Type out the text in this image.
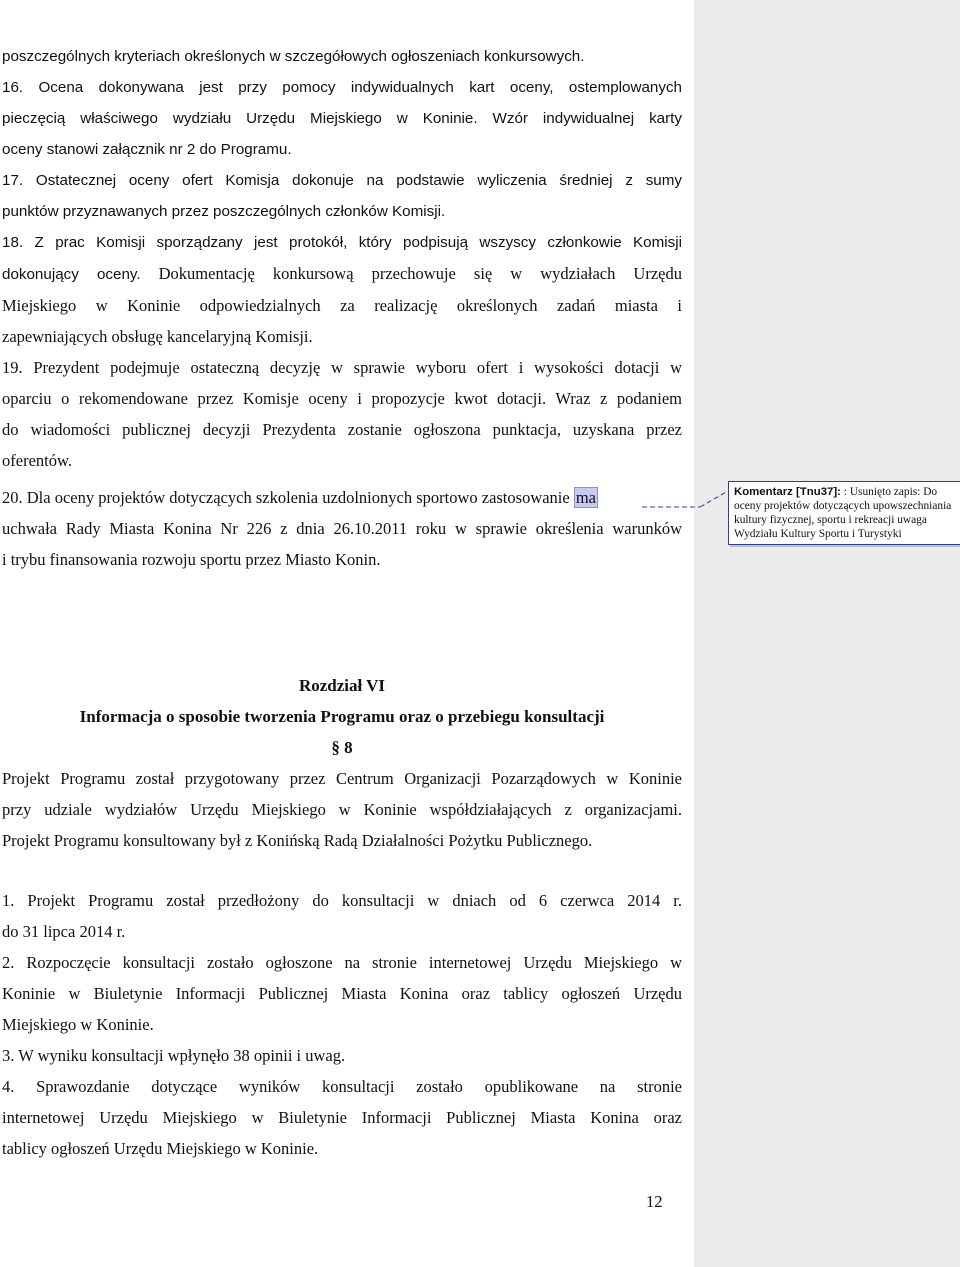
poszczególnych kryteriach określonych w szczegółowych ogłoszeniach konkursowych.
16. Ocena dokonywana jest przy pomocy indywidualnych kart oceny, ostemplowanych
pieczęcią właściwego wydziału Urzędu Miejskiego w Koninie. Wzór indywidualnej karty
oceny stanowi załącznik nr 2 do Programu.
17. Ostatecznej oceny ofert Komisja dokonuje na podstawie wyliczenia średniej z sumy
punktów przyznawanych przez poszczególnych członków Komisji.
18. Z prac Komisji sporządzany jest protokół, który podpisują wszyscy członkowie Komisji
dokonujący oceny. Dokumentację konkursową przechowuje się w wydziałach Urzędu
Miejskiego w Koninie odpowiedzialnych za realizację określonych zadań miasta i
zapewniających obsługę kancelaryjną Komisji.
19. Prezydent podejmuje ostateczną decyzję w sprawie wyboru ofert i wysokości dotacji w
oparciu o rekomendowane przez Komisje oceny i propozycje kwot dotacji. Wraz z podaniem
do wiadomości publicznej decyzji Prezydenta zostanie ogłoszona punktacja, uzyskana przez
oferentów.
20. Dla oceny projektów dotyczących szkolenia uzdolnionych sportowo zastosowanie ma
uchwała Rady Miasta Konina Nr 226 z dnia 26.10.2011 roku w sprawie określenia warunków
i trybu finansowania rozwoju sportu przez Miasto Konin.
Komentarz [Tnu37]: : Usunięto zapis: Do oceny projektów dotyczących upowszechniania kultury fizycznej, sportu i rekreacji uwaga Wydziału Kultury Sportu i Turystyki
Rozdział VI
Informacja o sposobie tworzenia Programu oraz o przebiegu konsultacji
§ 8
Projekt Programu został przygotowany przez Centrum Organizacji Pozarządowych w Koninie
przy udziale wydziałów Urzędu Miejskiego w Koninie współdziałających z organizacjami.
Projekt Programu konsultowany był z Konińską Radą Działalności Pożytku Publicznego.
1. Projekt Programu został przedłożony do konsultacji w dniach od 6 czerwca 2014 r.
do 31 lipca 2014 r.
2. Rozpoczęcie konsultacji zostało ogłoszone na stronie internetowej Urzędu Miejskiego w
Koninie w Biuletynie Informacji Publicznej Miasta Konina oraz tablicy ogłoszeń Urzędu
Miejskiego w Koninie.
3. W wyniku konsultacji wpłynęło 38 opinii i uwag.
4. Sprawozdanie dotyczące wyników konsultacji zostało opublikowane na stronie
internetowej Urzędu Miejskiego w Biuletynie Informacji Publicznej Miasta Konina oraz
tablicy ogłoszeń Urzędu Miejskiego w Koninie.
12
